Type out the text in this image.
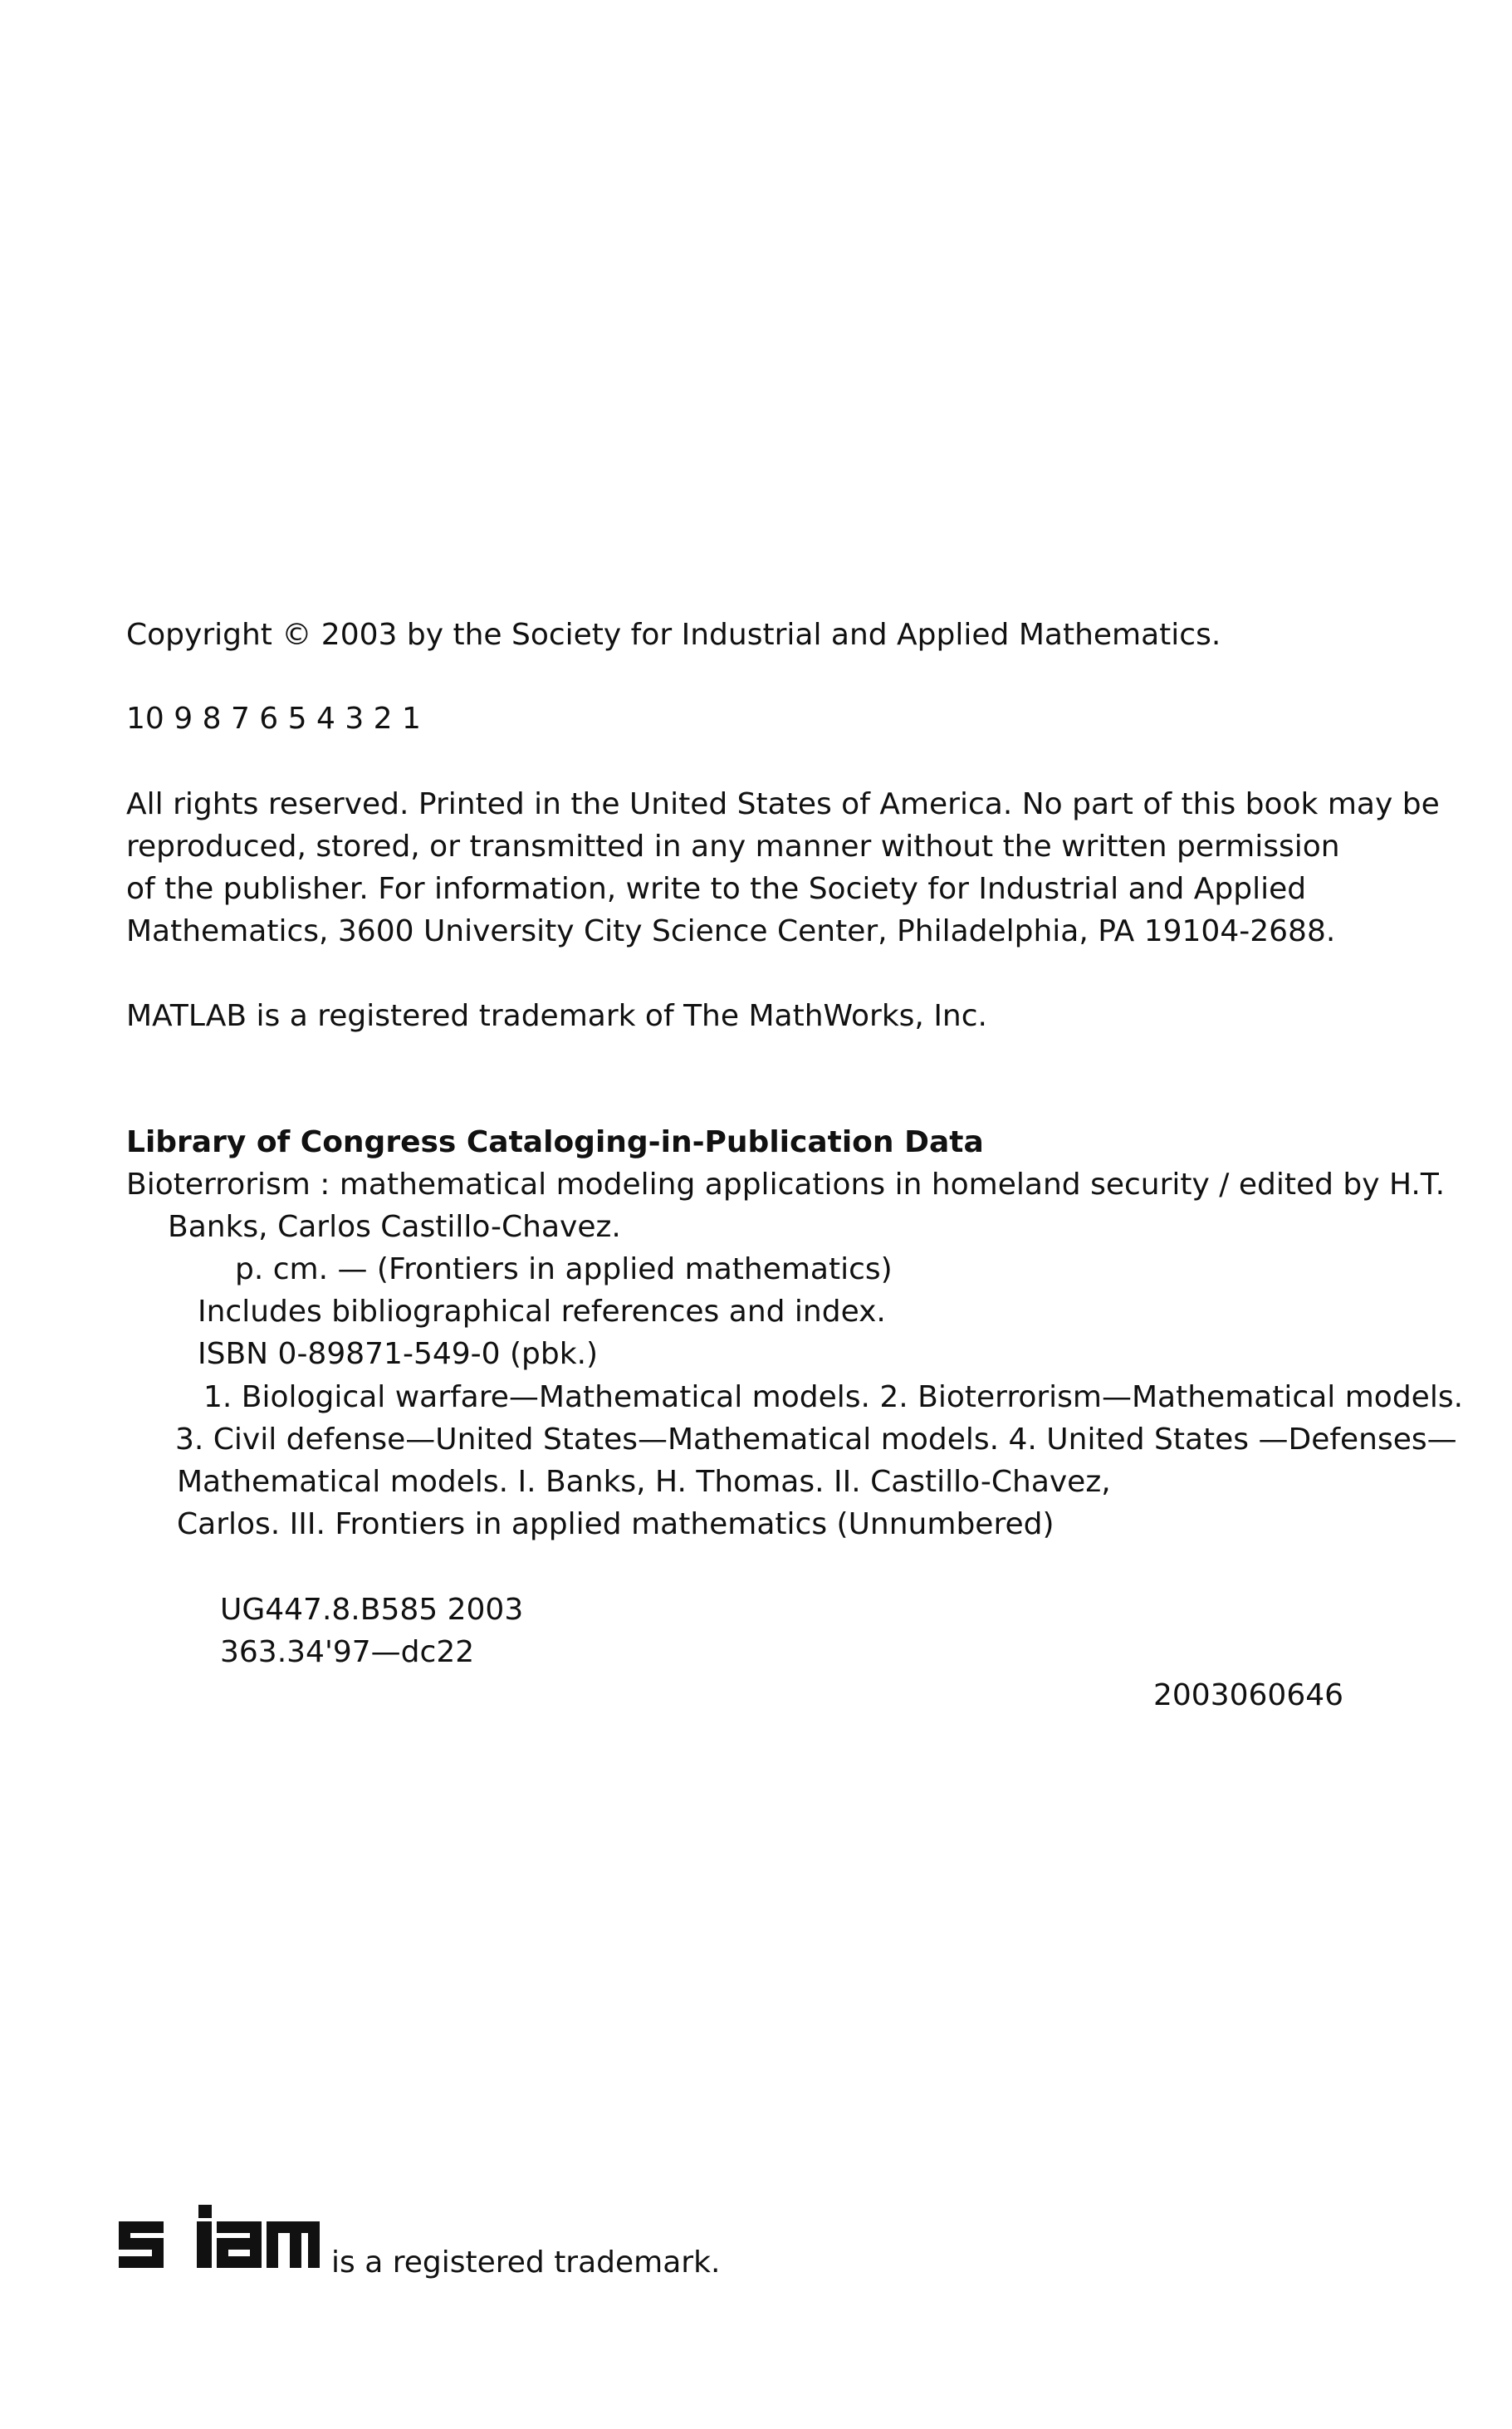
Copyright © 2003 by the Society for Industrial and Applied Mathematics.
10 9 8 7 6 5 4 3 2 1
All rights reserved. Printed in the United States of America. No part of this book may be
reproduced, stored, or transmitted in any manner without the written permission
of the publisher. For information, write to the Society for Industrial and Applied
Mathematics, 3600 University City Science Center, Philadelphia, PA 19104-2688.
MATLAB is a registered trademark of The MathWorks, Inc.
Library of Congress Cataloging-in-Publication Data
Bioterrorism : mathematical modeling applications in homeland security / edited by H.T.
Banks, Carlos Castillo-Chavez.
p. cm. — (Frontiers in applied mathematics)
Includes bibliographical references and index.
ISBN 0-89871-549-0 (pbk.)
1. Biological warfare—Mathematical models. 2. Bioterrorism—Mathematical models.
3. Civil defense—United States—Mathematical models. 4. United States —Defenses—
Mathematical models. I. Banks, H. Thomas. II. Castillo-Chavez,
Carlos. III. Frontiers in applied mathematics (Unnumbered)
UG447.8.B585 2003
363.34'97—dc22
2003060646
is a registered trademark.
